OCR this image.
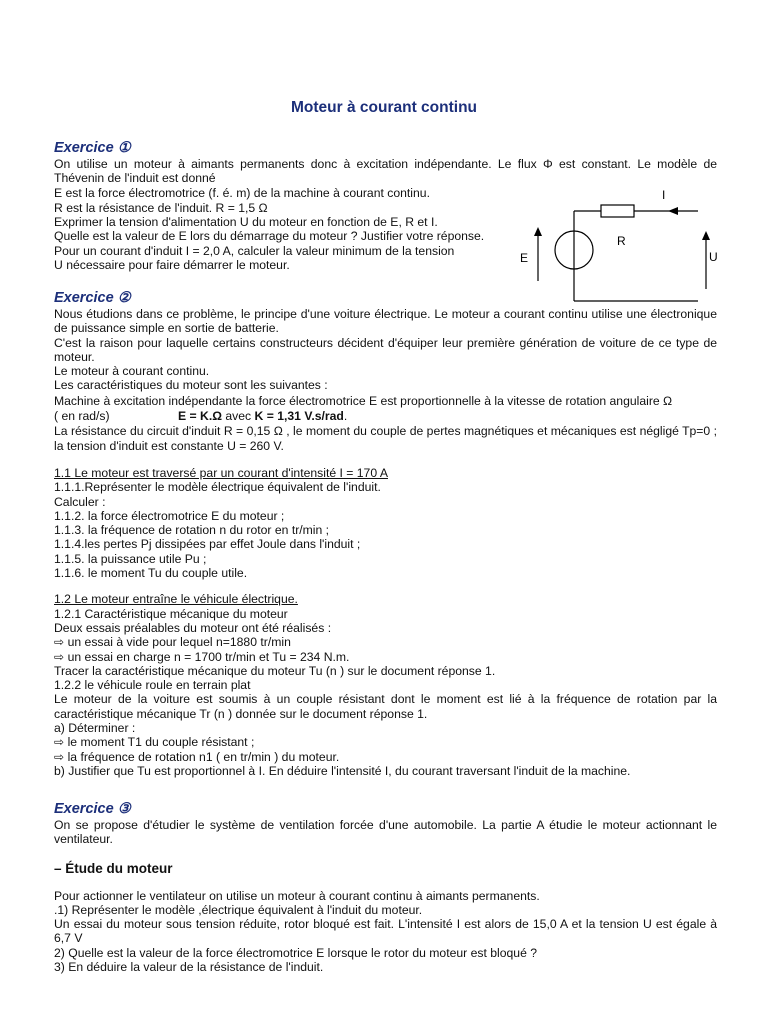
Moteur à courant continu
Exercice ①
On utilise un moteur à aimants permanents donc à excitation indépendante. Le flux Φ est constant. Le modèle de Thévenin de l'induit est donné
E est la force électromotrice (f. é. m) de la machine à courant continu.
R est la résistance de l'induit. R = 1,5 Ω
Exprimer la tension d'alimentation U du moteur en fonction de E, R et I.
Quelle est la valeur de E lors du démarrage du moteur ? Justifier votre réponse.
Pour un courant d'induit I = 2,0 A, calculer la valeur minimum de la tension
U nécessaire pour faire démarrer le moteur.
I
R
E	U
Exercice ②
Nous étudions dans ce problème, le principe d'une voiture électrique. Le moteur a courant continu utilise une électronique de puissance simple en sortie de batterie.
C'est la raison pour laquelle certains constructeurs décident d'équiper leur première génération de voiture de ce type de moteur.
Le moteur à courant continu.
Les caractéristiques du moteur sont les suivantes :
Machine à excitation indépendante la force électromotrice E est proportionnelle à la vitesse de rotation angulaire Ω
( en rad/s)	E = K.Ω avec K = 1,31 V.s/rad.
La résistance du circuit d'induit R = 0,15 Ω , le moment du couple de pertes magnétiques et mécaniques est négligé Tp=0 ; la tension d'induit est constante U = 260 V.
1.1 Le moteur est traversé par un courant d'intensité I = 170 A
1.1.1.Représenter le modèle électrique équivalent de l'induit.
Calculer :
1.1.2. la force électromotrice E du moteur ;
1.1.3. la fréquence de rotation n du rotor en tr/min ;
1.1.4.les pertes Pj dissipées par effet Joule dans l'induit ;
1.1.5. la puissance utile Pu ;
1.1.6. le moment Tu du couple utile.
1.2 Le moteur entraîne le véhicule électrique.
1.2.1 Caractéristique mécanique du moteur
Deux essais préalables du moteur ont été réalisés :
⇨ un essai à vide pour lequel n=1880 tr/min
⇨ un essai en charge n = 1700 tr/min et Tu = 234 N.m.
Tracer la caractéristique mécanique du moteur Tu (n ) sur le document réponse 1.
1.2.2 le véhicule roule en terrain plat
Le moteur de la voiture est soumis à un couple résistant dont le moment est lié à la fréquence de rotation par la caractéristique mécanique Tr (n ) donnée sur le document réponse 1.
a) Déterminer :
⇨ le moment T1 du couple résistant ;
⇨ la fréquence de rotation n1 ( en tr/min ) du moteur.
b) Justifier que Tu est proportionnel à I. En déduire l'intensité I, du courant traversant l'induit de la machine.
Exercice ③
On se propose d'étudier le système de ventilation forcée d'une automobile. La partie A étudie le moteur actionnant le ventilateur.
– Étude du moteur
Pour actionner le ventilateur on utilise un moteur à courant continu à aimants permanents.
.1) Représenter le modèle ,électrique équivalent à l'induit du moteur.
Un essai du moteur sous tension réduite, rotor bloqué est fait. L'intensité I est alors de 15,0 A et la tension U est égale à 6,7 V
2) Quelle est la valeur de la force électromotrice E lorsque le rotor du moteur est bloqué ?
3) En déduire la valeur de la résistance de l'induit.
